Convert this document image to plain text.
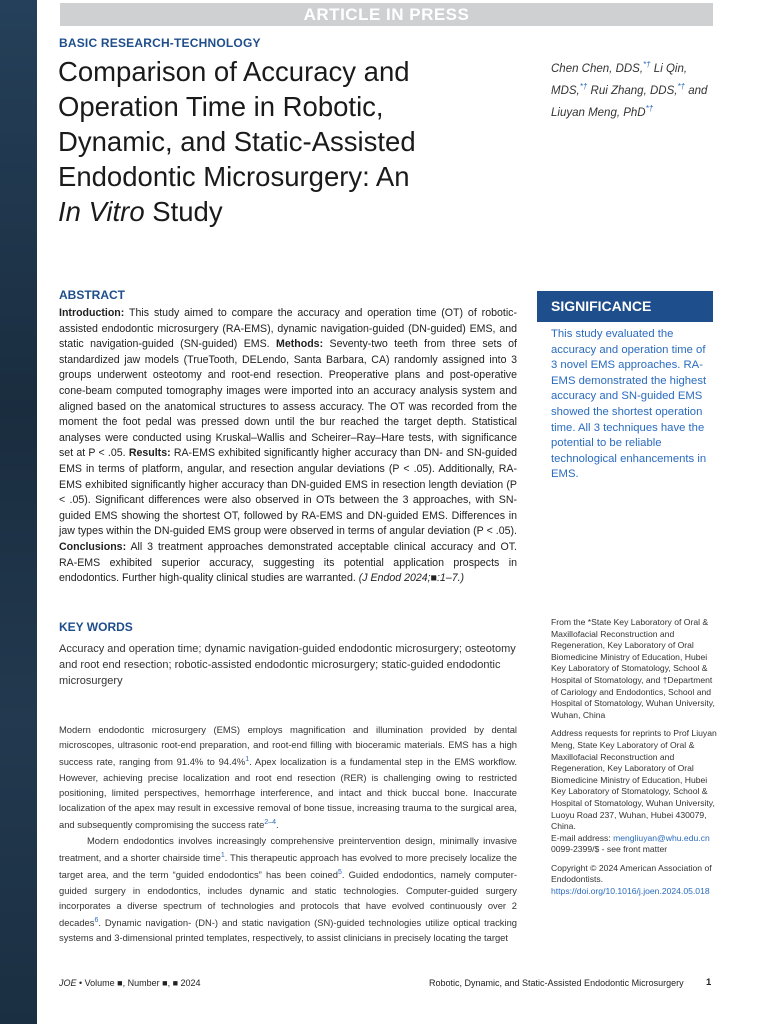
ARTICLE IN PRESS
BASIC RESEARCH-TECHNOLOGY
Comparison of Accuracy and
Operation Time in Robotic,
Dynamic, and Static-Assisted
Endodontic Microsurgery: An
In Vitro Study
Chen Chen, DDS,*† Li Qin, MDS,*† Rui Zhang, DDS,*† and Liuyan Meng, PhD*†
ABSTRACT
Introduction: This study aimed to compare the accuracy and operation time (OT) of robotic-assisted endodontic microsurgery (RA-EMS), dynamic navigation-guided (DN-guided) EMS, and static navigation-guided (SN-guided) EMS. Methods: Seventy-two teeth from three sets of standardized jaw models (TrueTooth, DELendo, Santa Barbara, CA) randomly assigned into 3 groups underwent osteotomy and root-end resection. Preoperative plans and post-operative cone-beam computed tomography images were imported into an accuracy analysis system and aligned based on the anatomical structures to assess accuracy. The OT was recorded from the moment the foot pedal was pressed down until the bur reached the target depth. Statistical analyses were conducted using Kruskal–Wallis and Scheirer–Ray–Hare tests, with significance set at P < .05. Results: RA-EMS exhibited significantly higher accuracy than DN- and SN-guided EMS in terms of platform, angular, and resection angular deviations (P < .05). Additionally, RA-EMS exhibited significantly higher accuracy than DN-guided EMS in resection length deviation (P < .05). Significant differences were also observed in OTs between the 3 approaches, with SN-guided EMS showing the shortest OT, followed by RA-EMS and DN-guided EMS. Differences in jaw types within the DN-guided EMS group were observed in terms of angular deviation (P < .05). Conclusions: All 3 treatment approaches demonstrated acceptable clinical accuracy and OT. RA-EMS exhibited superior accuracy, suggesting its potential application prospects in endodontics. Further high-quality clinical studies are warranted. (J Endod 2024;■:1–7.)
SIGNIFICANCE
This study evaluated the accuracy and operation time of 3 novel EMS approaches. RA-EMS demonstrated the highest accuracy and SN-guided EMS showed the shortest operation time. All 3 techniques have the potential to be reliable technological enhancements in EMS.
KEY WORDS
Accuracy and operation time; dynamic navigation-guided endodontic microsurgery; osteotomy and root end resection; robotic-assisted endodontic microsurgery; static-guided endodontic microsurgery

From the *State Key Laboratory of Oral & Maxillofacial Reconstruction and Regeneration, Key Laboratory of Oral Biomedicine Ministry of Education, Hubei Key Laboratory of Stomatology, School & Hospital of Stomatology, and †Department of Cariology and Endodontics, School and Hospital of Stomatology, Wuhan University, Wuhan, China

Address requests for reprints to Prof Liuyan Meng, State Key Laboratory of Oral & Maxillofacial Reconstruction and Regeneration, Key Laboratory of Oral Biomedicine Ministry of Education, Hubei Key Laboratory of Stomatology, School & Hospital of Stomatology, Wuhan University, Luoyu Road 237, Wuhan, Hubei 430079, China.
E-mail address: mengliuyan@whu.edu.cn
0099-2399/$ - see front matter

Copyright © 2024 American Association of Endodontists.
https://doi.org/10.1016/j.joen.2024.05.018

Modern endodontic microsurgery (EMS) employs magnification and illumination provided by dental microscopes, ultrasonic root-end preparation, and root-end filling with bioceramic materials. EMS has a high success rate, ranging from 91.4% to 94.4%$^1$. Apex localization is a fundamental step in the EMS workflow. However, achieving precise localization and root end resection (RER) is challenging owing to restricted positioning, limited perspectives, hemorrhage interference, and intact and thick buccal bone. Inaccurate localization of the apex may result in excessive removal of bone tissue, increasing trauma to the surgical area, and subsequently compromising the success rate$^{2-4}$.

Modern endodontics involves increasingly comprehensive preintervention design, minimally invasive treatment, and a shorter chairside time$^1$. This therapeutic approach has evolved to more precisely localize the target area, and the term “guided endodontics” has been coined$^5$. Guided endodontics, namely computer-guided surgery in endodontics, includes dynamic and static technologies. Computer-guided surgery incorporates a diverse spectrum of technologies and protocols that have evolved continuously over 2 decades$^6$. Dynamic navigation- (DN-) and static navigation (SN)-guided technologies utilize optical tracking systems and 3-dimensional printed templates, respectively, to assist clinicians in precisely locating the target

JOE • Volume ■, Number ■, ■ 2024	Robotic, Dynamic, and Static-Assisted Endodontic Microsurgery 1
